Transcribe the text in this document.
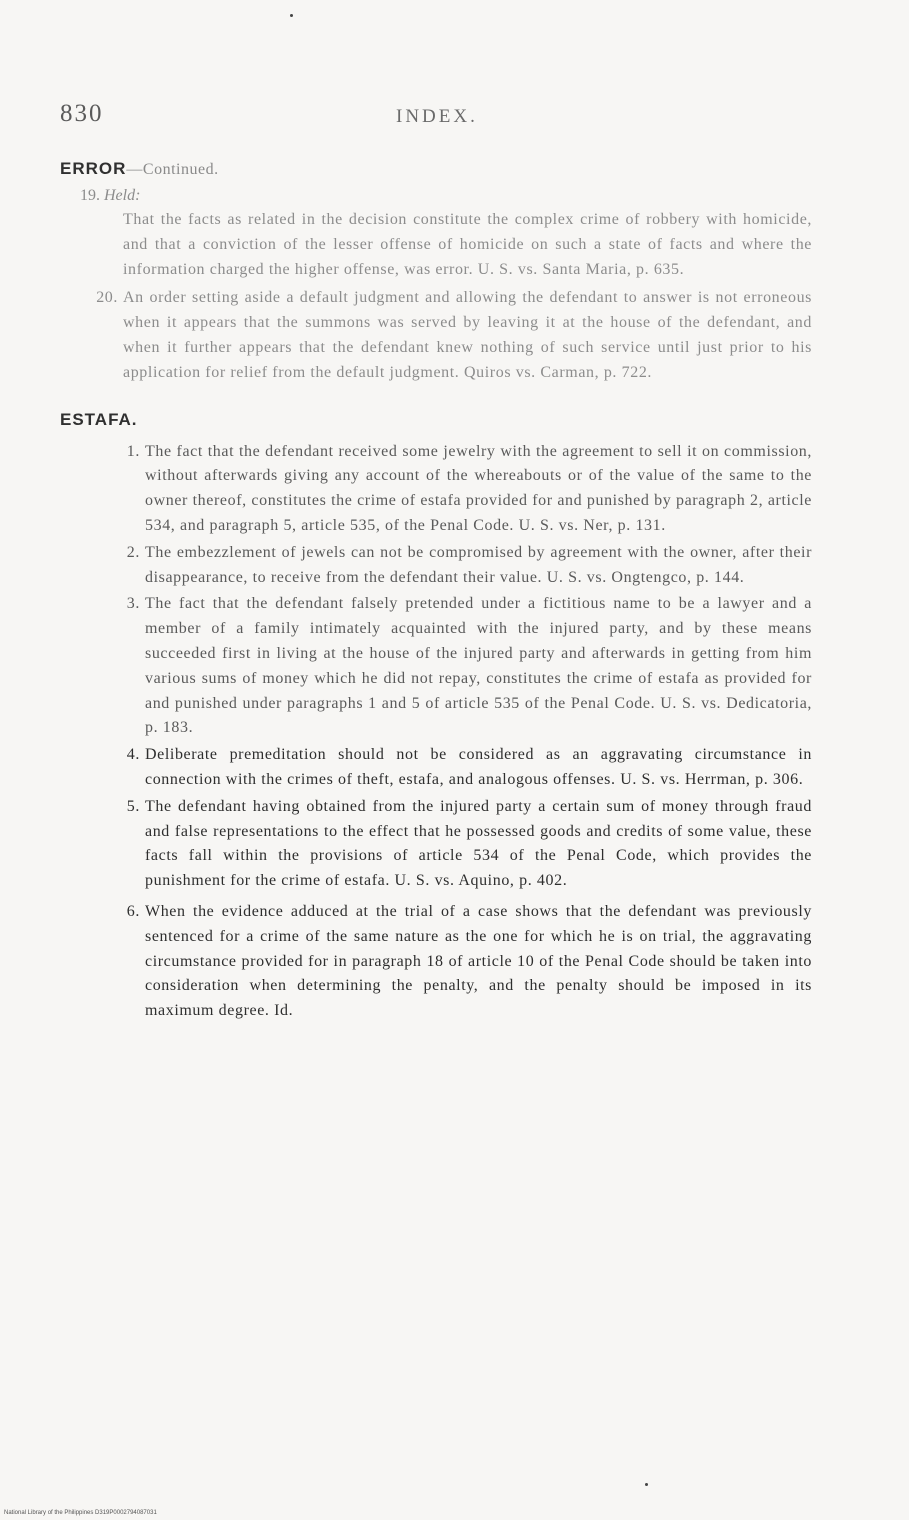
830	INDEX.
ERROR—Continued.
19. Held:
That the facts as related in the decision constitute the complex crime of robbery with homicide, and that a conviction of the lesser offense of homicide on such a state of facts and where the information charged the higher offense, was error. U. S. vs. Santa Maria, p. 635.
20. An order setting aside a default judgment and allowing the defendant to answer is not erroneous when it appears that the summons was served by leaving it at the house of the defendant, and when it further appears that the defendant knew nothing of such service until just prior to his application for relief from the default judgment. Quiros vs. Carman, p. 722.
ESTAFA.
1. The fact that the defendant received some jewelry with the agreement to sell it on commission, without afterwards giving any account of the whereabouts or of the value of the same to the owner thereof, constitutes the crime of estafa provided for and punished by paragraph 2, article 534, and paragraph 5, article 535, of the Penal Code. U. S. vs. Ner, p. 131.
2. The embezzlement of jewels can not be compromised by agreement with the owner, after their disappearance, to receive from the defendant their value. U. S. vs. Ongtengco, p. 144.
3. The fact that the defendant falsely pretended under a fictitious name to be a lawyer and a member of a family intimately acquainted with the injured party, and by these means succeeded first in living at the house of the injured party and afterwards in getting from him various sums of money which he did not repay, constitutes the crime of estafa as provided for and punished under paragraphs 1 and 5 of article 535 of the Penal Code. U. S. vs. Dedicatoria, p. 183.
4. Deliberate premeditation should not be considered as an aggravating circumstance in connection with the crimes of theft, estafa, and analogous offenses. U. S. vs. Herrman, p. 306.
5. The defendant having obtained from the injured party a certain sum of money through fraud and false representations to the effect that he possessed goods and credits of some value, these facts fall within the provisions of article 534 of the Penal Code, which provides the punishment for the crime of estafa. U. S. vs. Aquino, p. 402.
6. When the evidence adduced at the trial of a case shows that the defendant was previously sentenced for a crime of the same nature as the one for which he is on trial, the aggravating circumstance provided for in paragraph 18 of article 10 of the Penal Code should be taken into consideration when determining the penalty, and the penalty should be imposed in its maximum degree. Id.
National Library of the Philippines D319P0002794087031
